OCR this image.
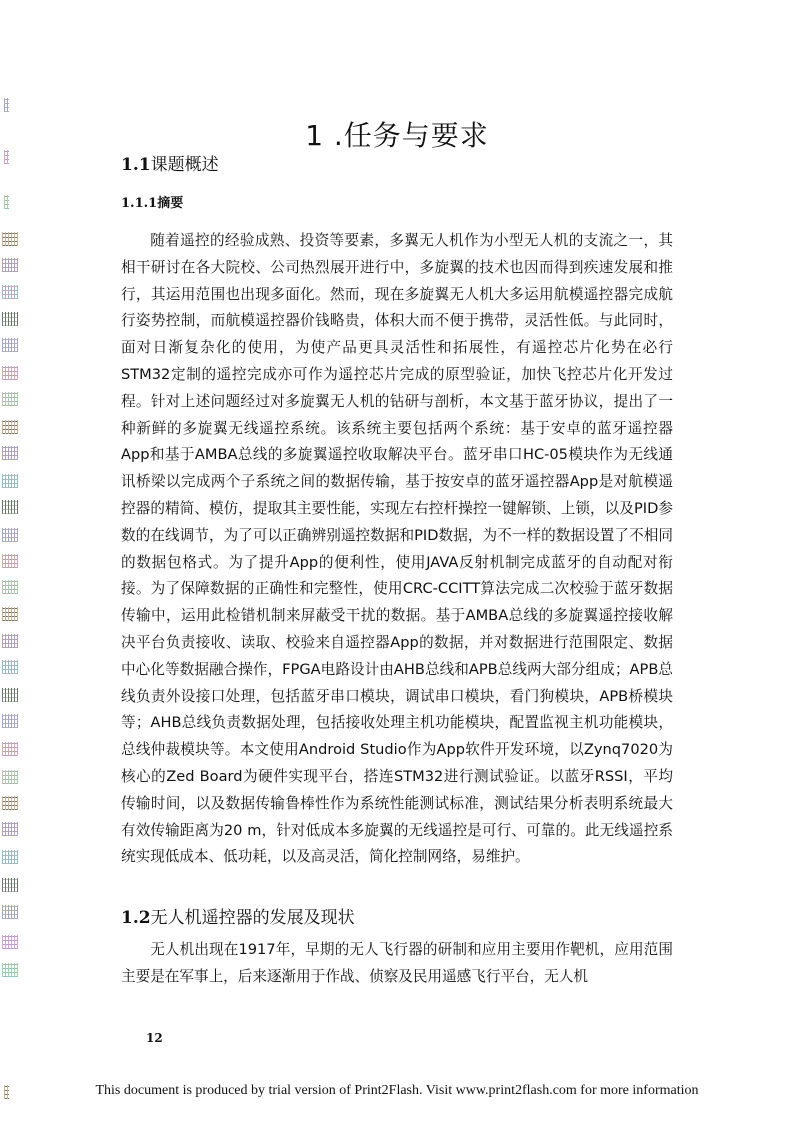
1 .任务与要求
1.1课题概述
1.1.1摘要

随着遥控的经验成熟、投资等要素，多翼无人机作为小型无人机的支流之一，其相干研讨在各大院校、公司热烈展开进行中，多旋翼的技术也因而得到疾速发展和推行，其运用范围也出现多面化。然而，现在多旋翼无人机大多运用航模遥控器完成航行姿势控制，而航模遥控器价钱略贵，体积大而不便于携带，灵活性低。与此同时，面对日渐复杂化的使用，为使产品更具灵活性和拓展性，有遥控芯片化势在必行STM32定制的遥控完成亦可作为遥控芯片完成的原型验证，加快飞控芯片化开发过程。针对上述问题经过对多旋翼无人机的钻研与剖析，本文基于蓝牙协议，提出了一种新鲜的多旋翼无线遥控系统。该系统主要包括两个系统：基于安卓的蓝牙遥控器App和基于AMBA总线的多旋翼遥控收取解决平台。蓝牙串口HC-05模块作为无线通讯桥梁以完成两个子系统之间的数据传输，基于按安卓的蓝牙遥控器App是对航模遥控器的精简、模仿，提取其主要性能，实现左右控杆操控一键解锁、上锁，以及PID参数的在线调节，为了可以正确辨别遥控数据和PID数据，为不一样的数据设置了不相同的数据包格式。为了提升App的便利性，使用JAVA反射机制完成蓝牙的自动配对衔接。为了保障数据的正确性和完整性，使用CRC-CCITT算法完成二次校验于蓝牙数据传输中，运用此检错机制来屏蔽受干扰的数据。基于AMBA总线的多旋翼遥控接收解决平台负责接收、读取、校验来自遥控器App的数据，并对数据进行范围限定、数据中心化等数据融合操作，FPGA电路设计由AHB总线和APB总线两大部分组成；APB总线负责外设接口处理，包括蓝牙串口模块，调试串口模块，看门狗模块，APB桥模块等；AHB总线负责数据处理，包括接收处理主机功能模块，配置监视主机功能模块，总线仲裁模块等。本文使用Android Studio作为App软件开发环境，以Zynq7020为核心的Zed Board为硬件实现平台，搭连STM32进行测试验证。以蓝牙RSSI，平均传输时间，以及数据传输鲁棒性作为系统性能测试标准，测试结果分析表明系统最大有效传输距离为20 m，针对低成本多旋翼的无线遥控是可行、可靠的。此无线遥控系统实现低成本、低功耗，以及高灵活，简化控制网络，易维护。

1.2无人机遥控器的发展及现状

无人机出现在1917年，早期的无人飞行器的研制和应用主要用作靶机，应用范围主要是在军事上，后来逐渐用于作战、侦察及民用遥感飞行平台，无人机

12
This document is produced by trial version of Print2Flash. Visit www.print2flash.com for more information
